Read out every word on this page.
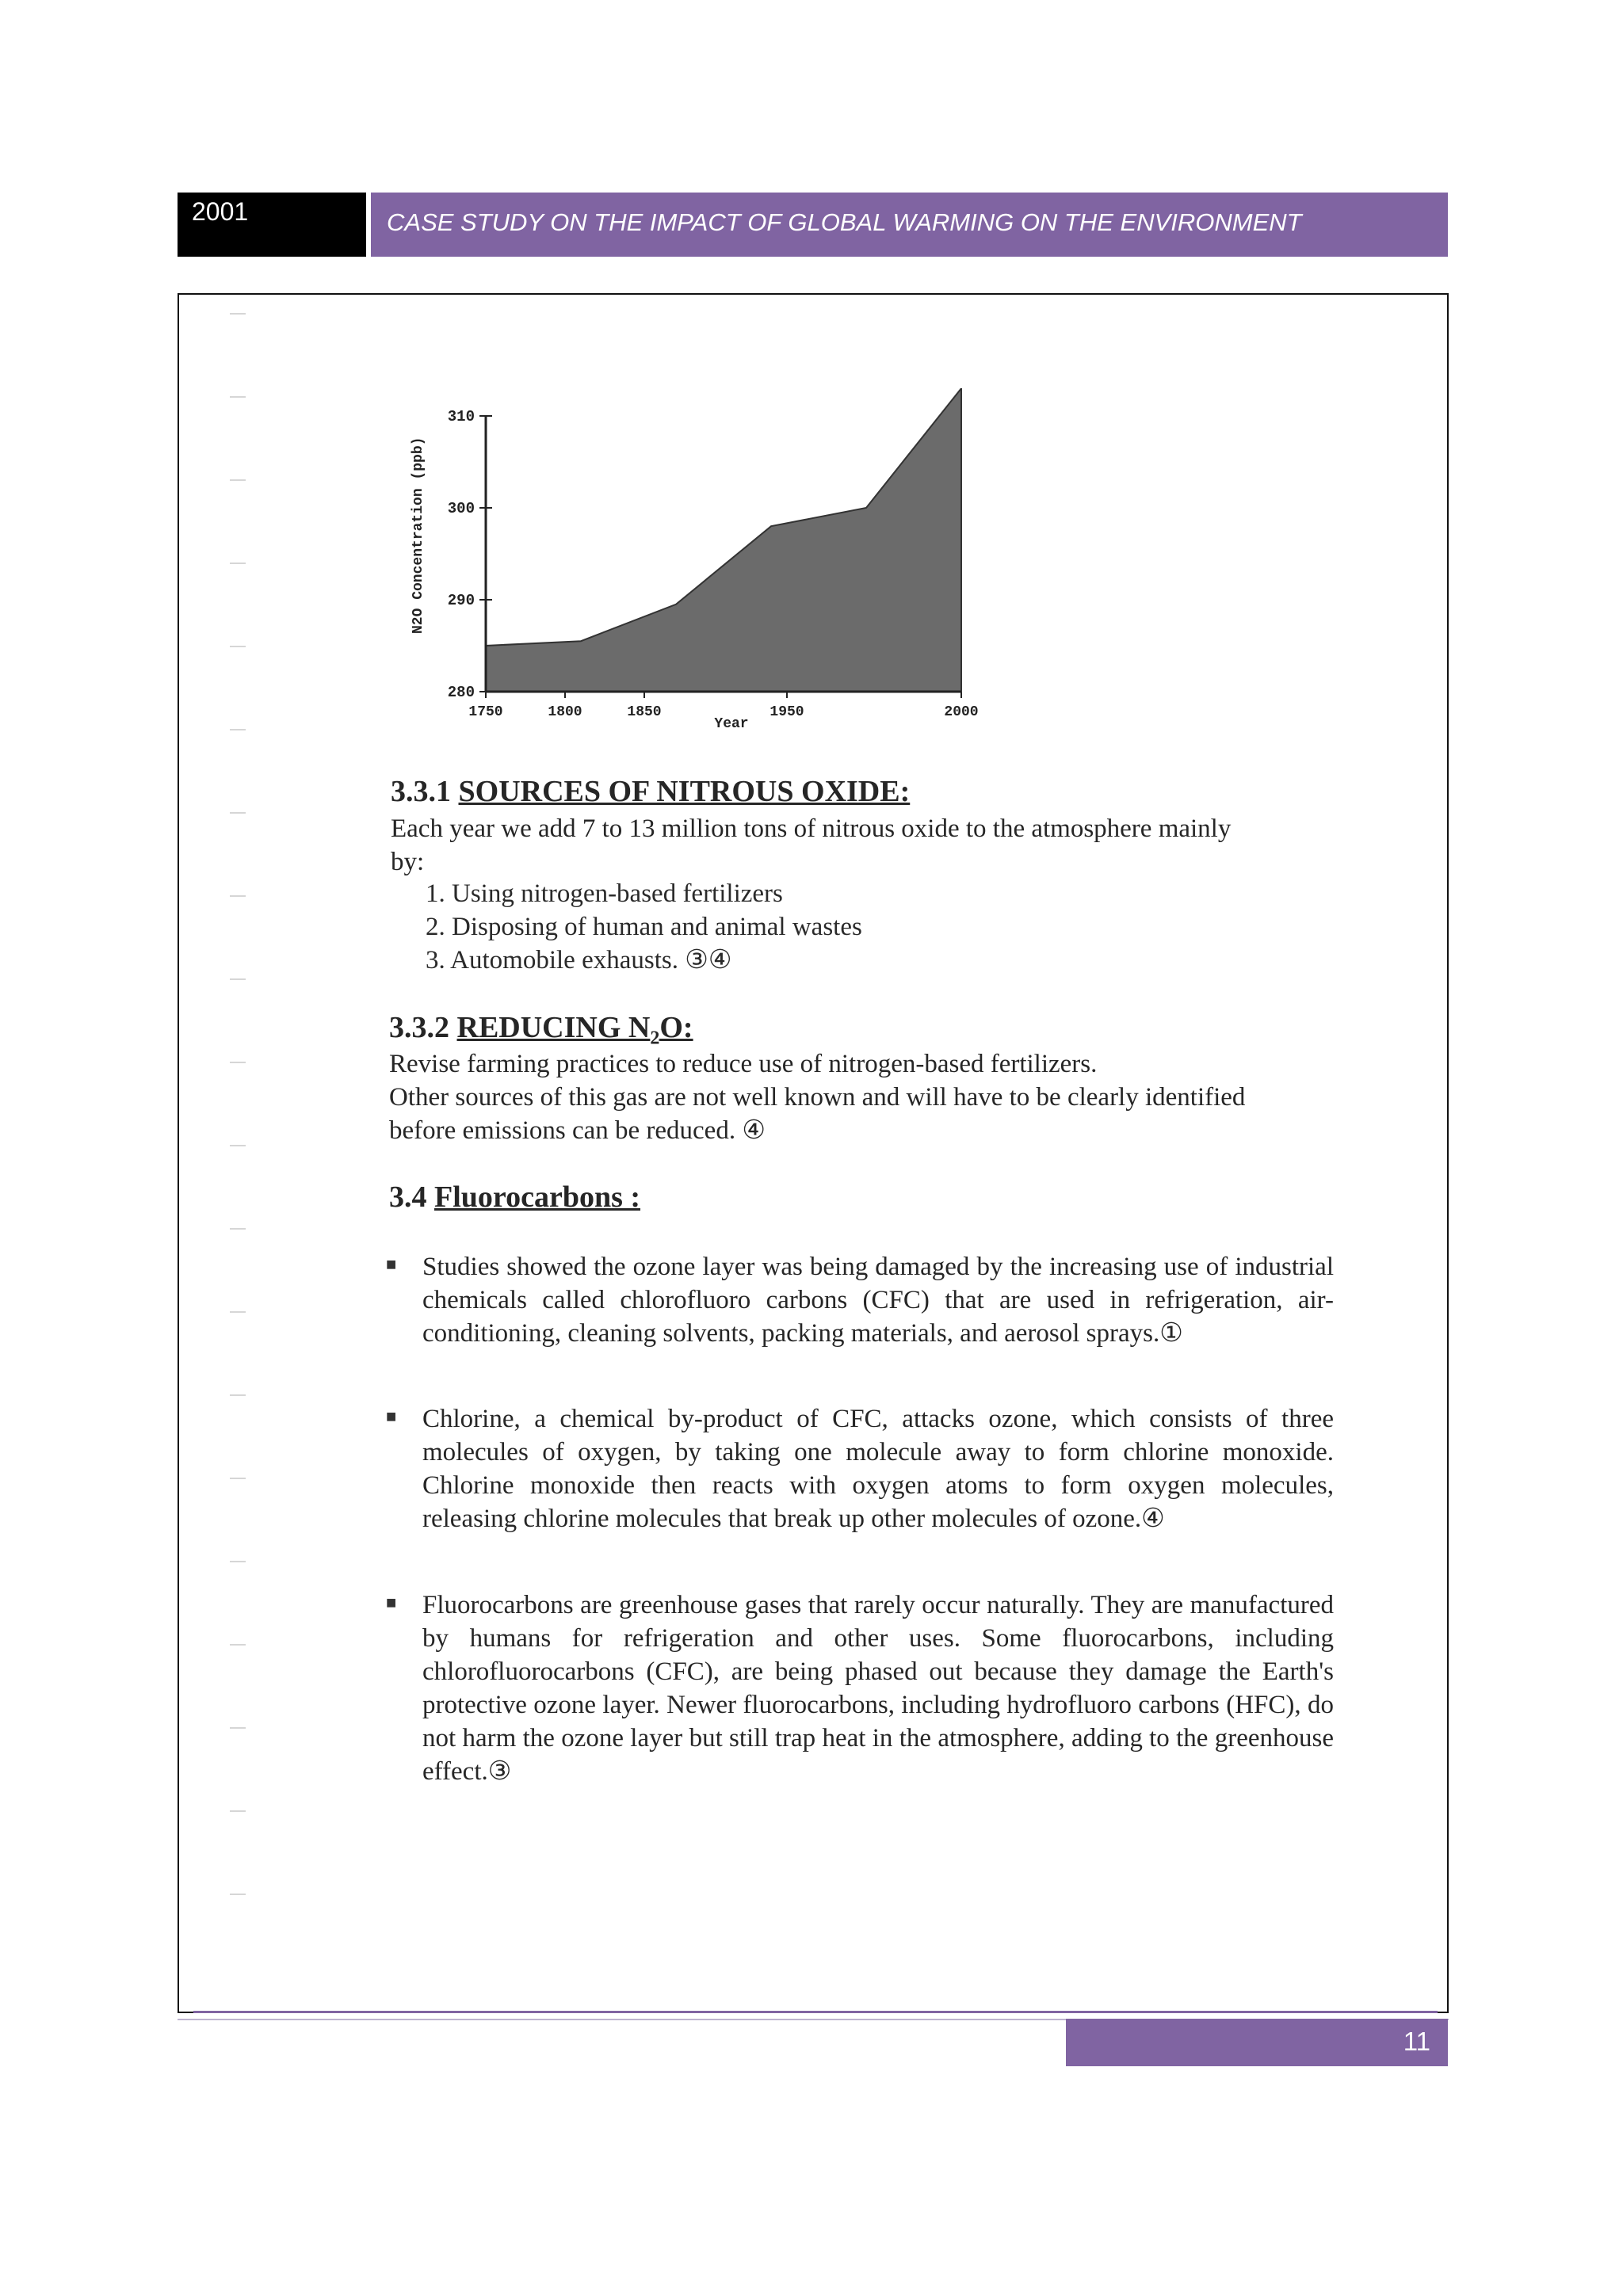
2001	CASE STUDY ON THE IMPACT OF GLOBAL WARMING ON THE ENVIRONMENT
N2O Concentration (ppb)
Year
280
290
300
310
1750	1800	1850	1950	2000
3.3.1 SOURCES OF NITROUS OXIDE:
Each year we add 7 to 13 million tons of nitrous oxide to the atmosphere mainly
by:
1. Using nitrogen-based fertilizers
2. Disposing of human and animal wastes
3. Automobile exhausts. ③④
3.3.2 REDUCING $N_2O$:
Revise farming practices to reduce use of nitrogen-based fertilizers.
Other sources of this gas are not well known and will have to be clearly identified
before emissions can be reduced. ④
3.4 Fluorocarbons :
■ Studies showed the ozone layer was being damaged by the increasing use of industrial chemicals called chlorofluoro carbons (CFC) that are used in refrigeration, air-conditioning, cleaning solvents, packing materials, and aerosol sprays.①
■ Chlorine, a chemical by-product of CFC, attacks ozone, which consists of three molecules of oxygen, by taking one molecule away to form chlorine monoxide. Chlorine monoxide then reacts with oxygen atoms to form oxygen molecules, releasing chlorine molecules that break up other molecules of ozone.④
■ Fluorocarbons are greenhouse gases that rarely occur naturally. They are manufactured by humans for refrigeration and other uses. Some fluorocarbons, including chlorofluorocarbons (CFC), are being phased out because they damage the Earth's protective ozone layer. Newer fluorocarbons, including hydrofluoro carbons (HFC), do not harm the ozone layer but still trap heat in the atmosphere, adding to the greenhouse effect.③
11
